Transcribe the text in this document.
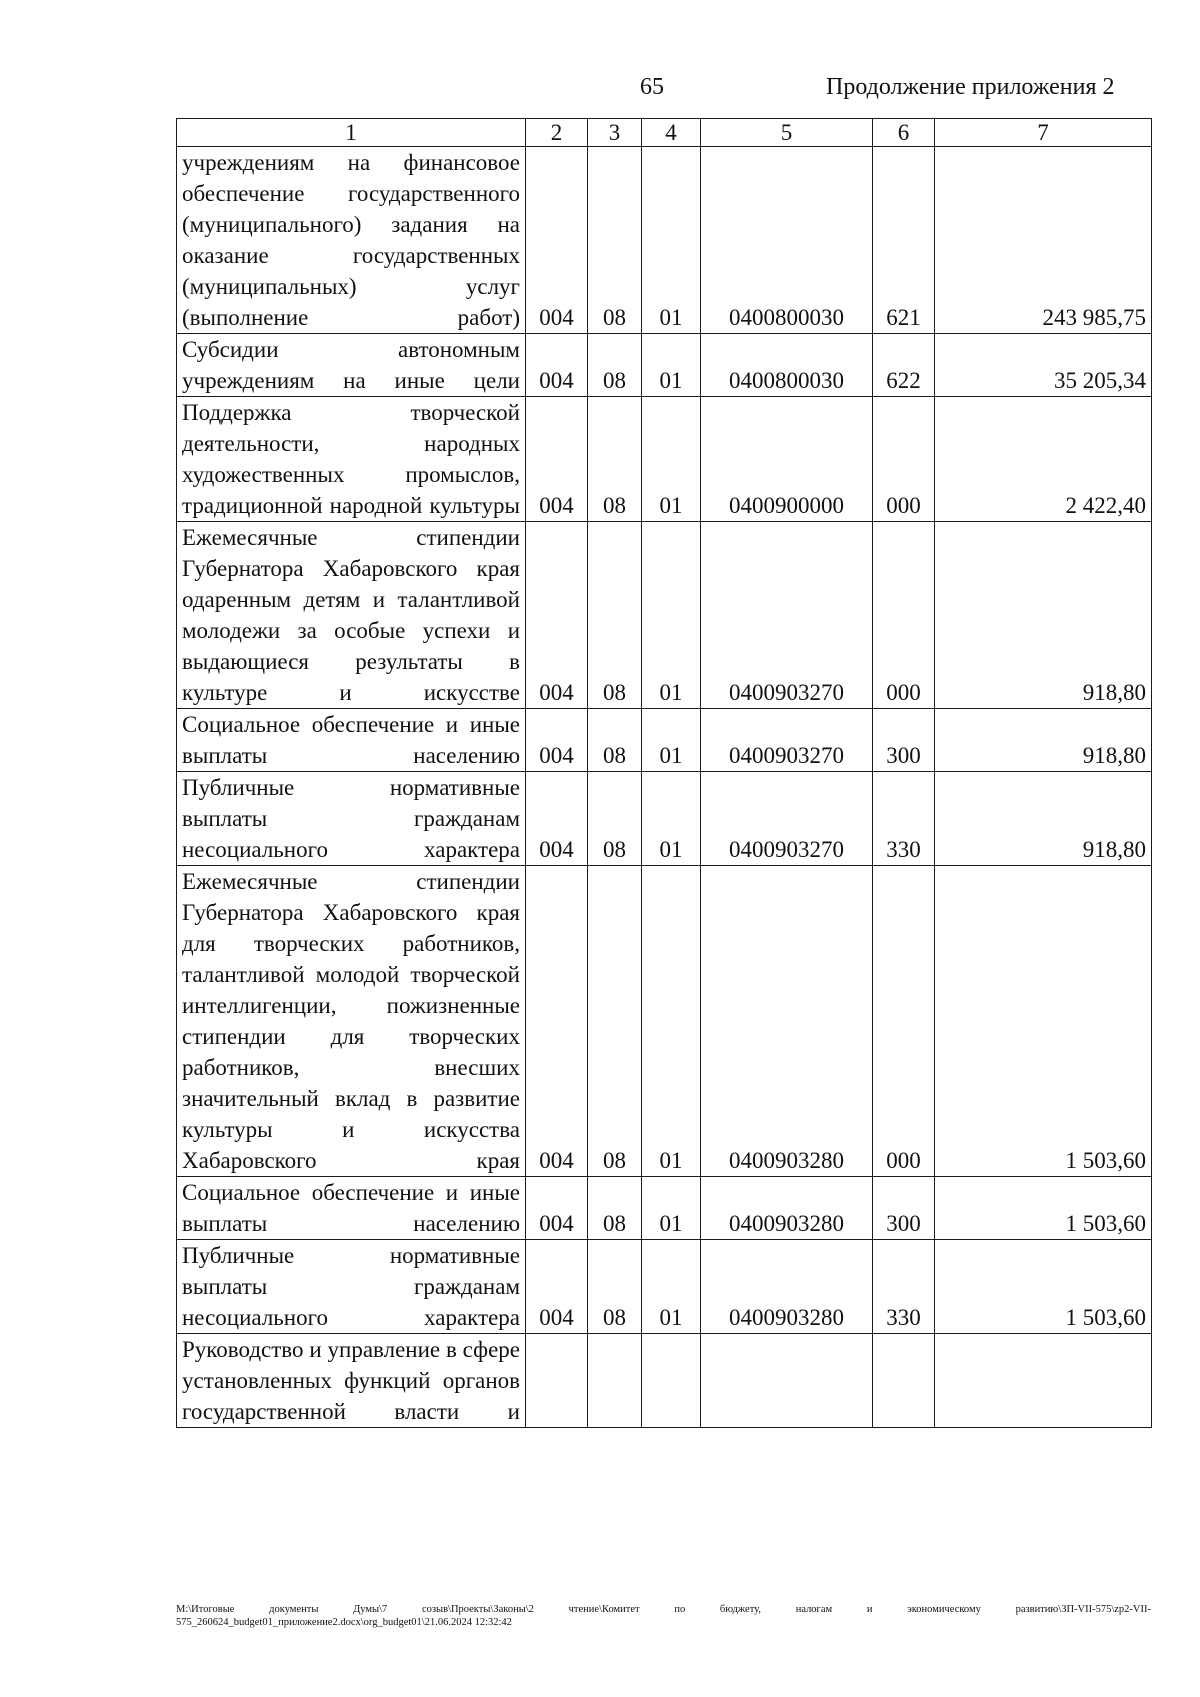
65	Продолжение приложения 2
1	2	3	4	5	6	7
учреждениям на финансовое обеспечение государственного (муниципального) задания на оказание государственных (муниципальных) услуг (выполнение работ)	004	08	01	0400800030	621	243 985,75
Субсидии автономным учреждениям на иные цели	004	08	01	0400800030	622	35 205,34
Поддержка творческой деятельности, народных художественных промыслов, традиционной народной культуры	004	08	01	0400900000	000	2 422,40
Ежемесячные стипендии Губернатора Хабаровского края одаренным детям и талантливой молодежи за особые успехи и выдающиеся результаты в культуре и искусстве	004	08	01	0400903270	000	918,80
Социальное обеспечение и иные выплаты населению	004	08	01	0400903270	300	918,80
Публичные нормативные выплаты гражданам несоциального характера	004	08	01	0400903270	330	918,80
Ежемесячные стипендии Губернатора Хабаровского края для творческих работников, талантливой молодой творческой интеллигенции, пожизненные стипендии для творческих работников, внесших значительный вклад в развитие культуры и искусства Хабаровского края	004	08	01	0400903280	000	1 503,60
Социальное обеспечение и иные выплаты населению	004	08	01	0400903280	300	1 503,60
Публичные нормативные выплаты гражданам несоциального характера	004	08	01	0400903280	330	1 503,60
Руководство и управление в сфере установленных функций органов государственной власти и						
M:\Итоговые документы Думы\7 созыв\Проекты\Законы\2 чтение\Комитет по бюджету, налогам и экономическому развитию\ЗП-VII-575\zp2-VII-
575_260624_budget01_приложение2.docx\org_budget01\21.06.2024 12:32:42
